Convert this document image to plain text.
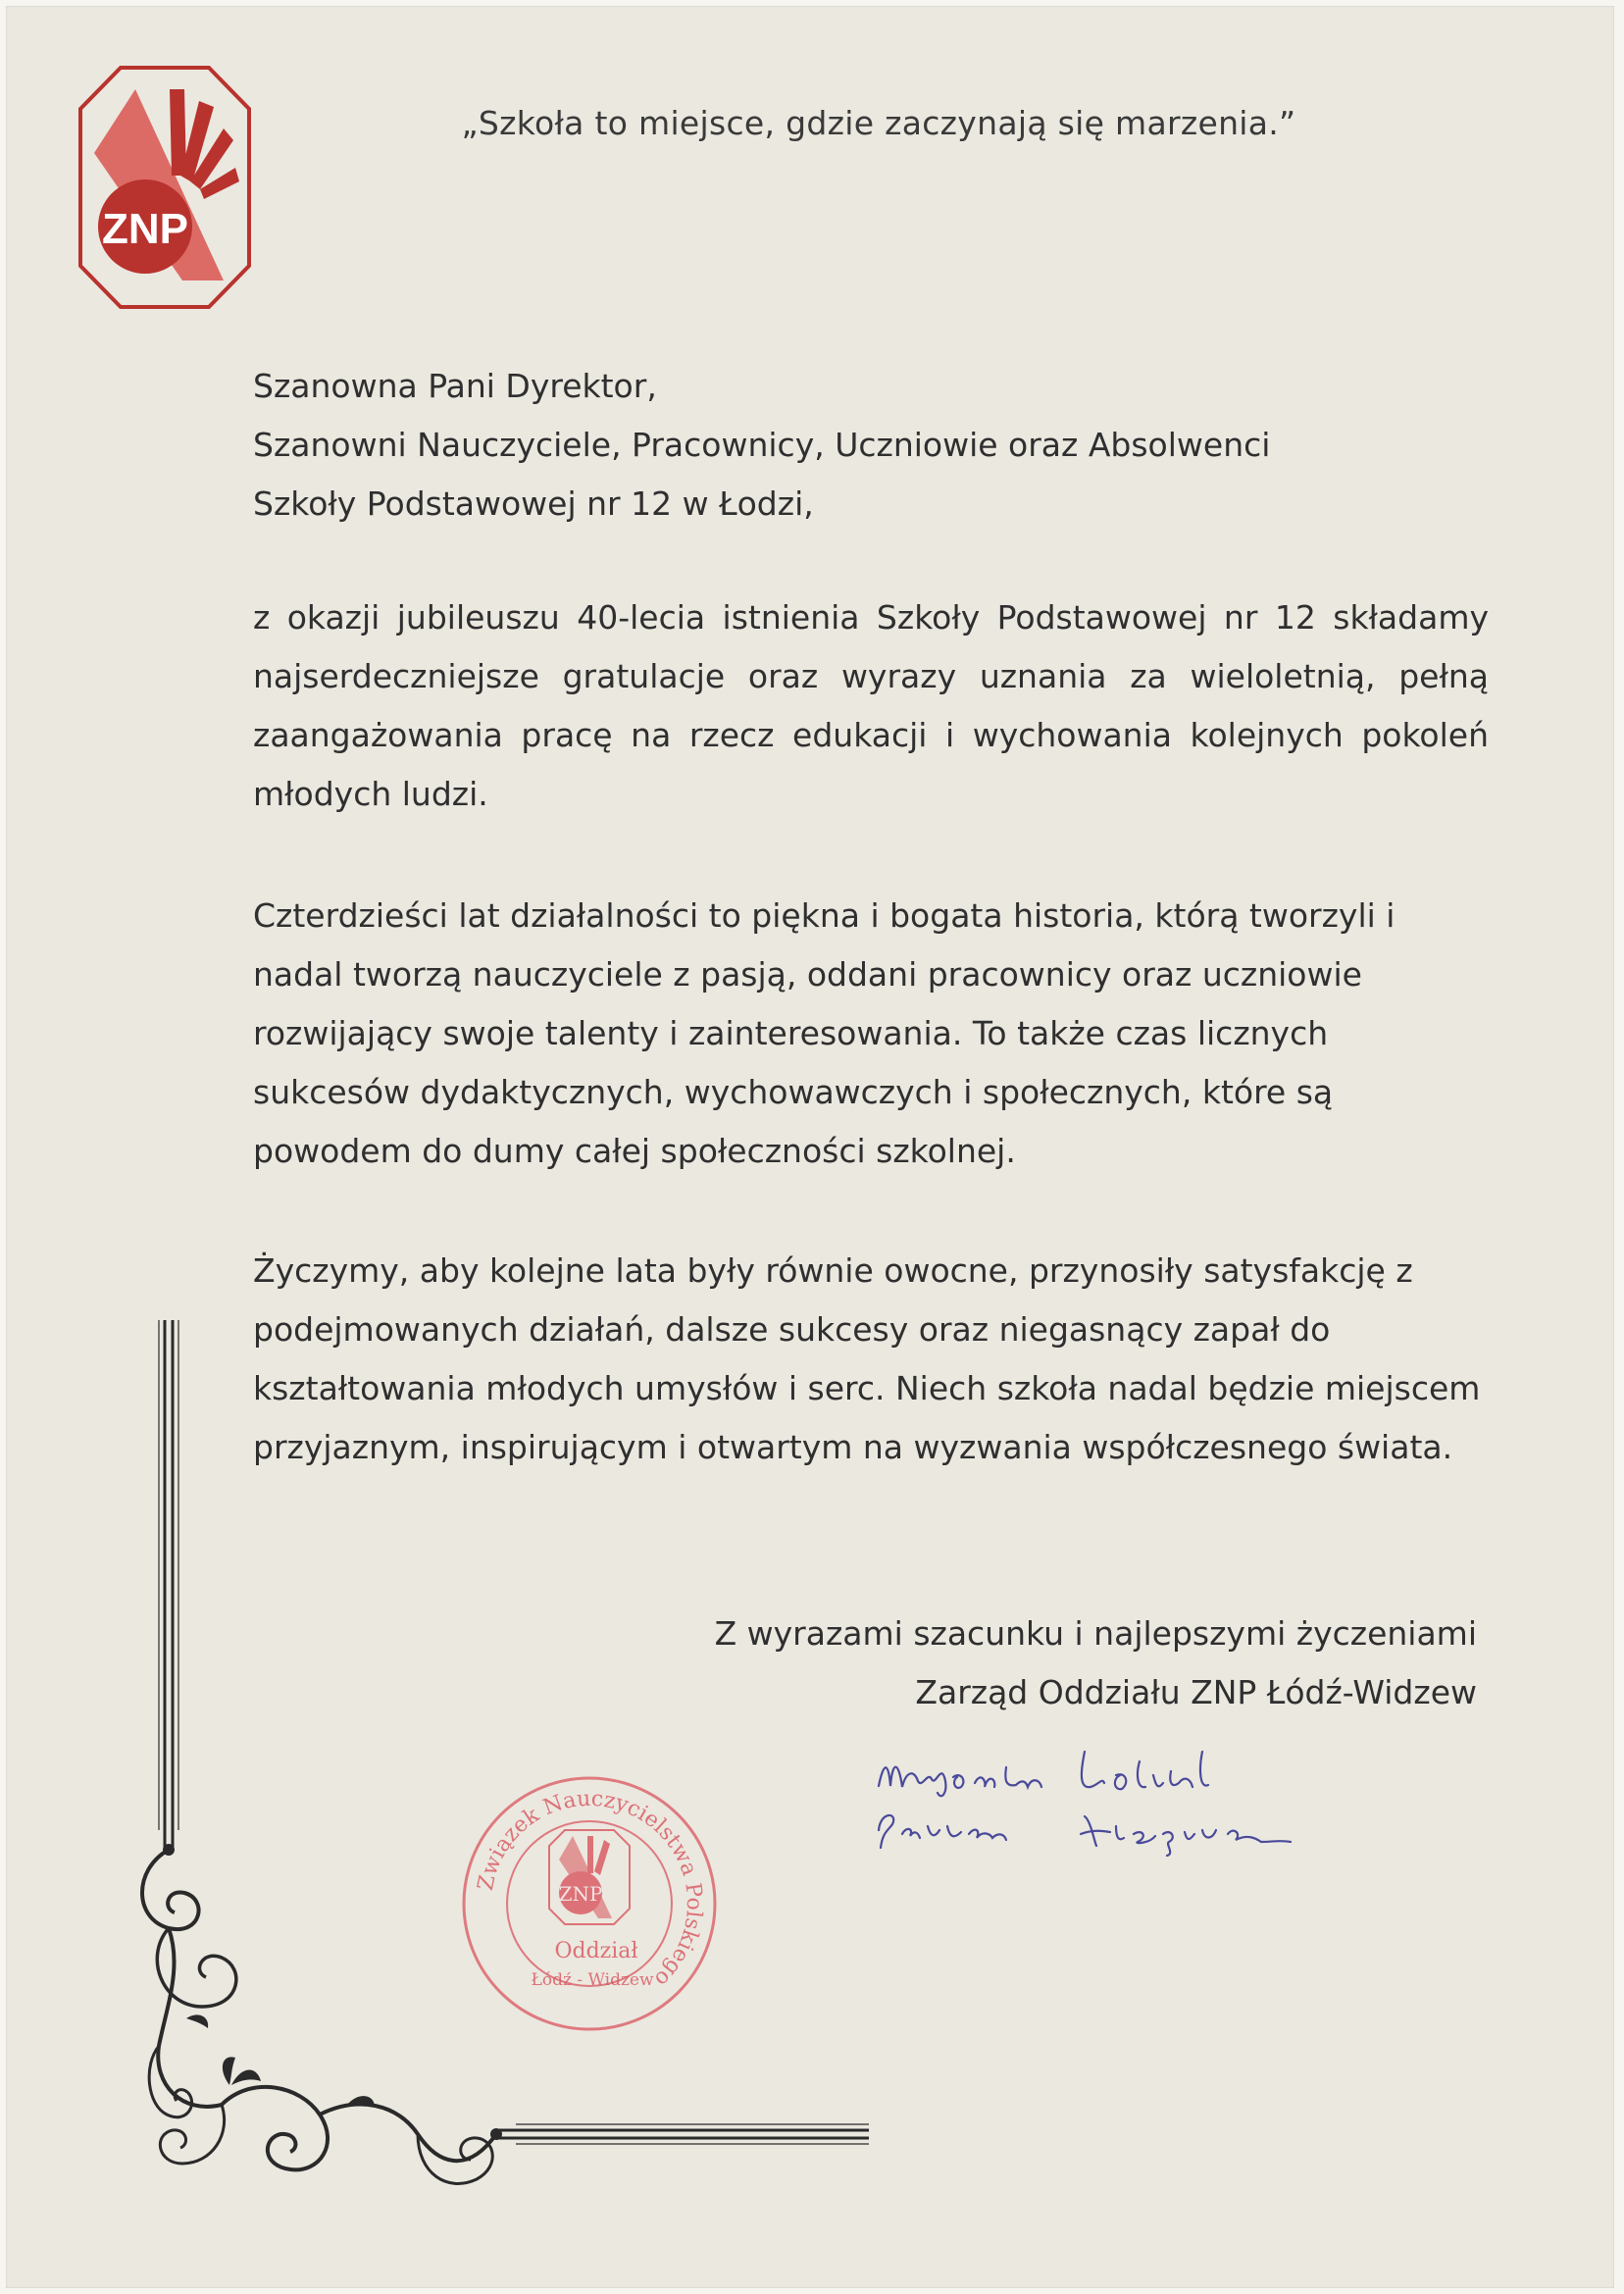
ZNP
„Szkoła to miejsce, gdzie zaczynają się marzenia.”
Szanowna Pani Dyrektor,
Szanowni Nauczyciele, Pracownicy, Uczniowie oraz Absolwenci
Szkoły Podstawowej nr 12 w Łodzi,
z okazji jubileuszu 40-lecia istnienia Szkoły Podstawowej nr 12 składamy najserdeczniejsze gratulacje oraz wyrazy uznania za wieloletnią, pełną zaangażowania pracę na rzecz edukacji i wychowania kolejnych pokoleń młodych ludzi.
Czterdzieści lat działalności to piękna i bogata historia, którą tworzyli i nadal tworzą nauczyciele z pasją, oddani pracownicy oraz uczniowie rozwijający swoje talenty i zainteresowania. To także czas licznych sukcesów dydaktycznych, wychowawczych i społecznych, które są powodem do dumy całej społeczności szkolnej.
Życzymy, aby kolejne lata były równie owocne, przynosiły satysfakcję z podejmowanych działań, dalsze sukcesy oraz niegasnący zapał do kształtowania młodych umysłów i serc. Niech szkoła nadal będzie miejscem przyjaznym, inspirującym i otwartym na wyzwania współczesnego świata.
Z wyrazami szacunku i najlepszymi życzeniami
Zarząd Oddziału ZNP Łódź-Widzew
Związek Nauczycielstwa Polskiego
ZNP
Oddział
Łódź - Widzew
